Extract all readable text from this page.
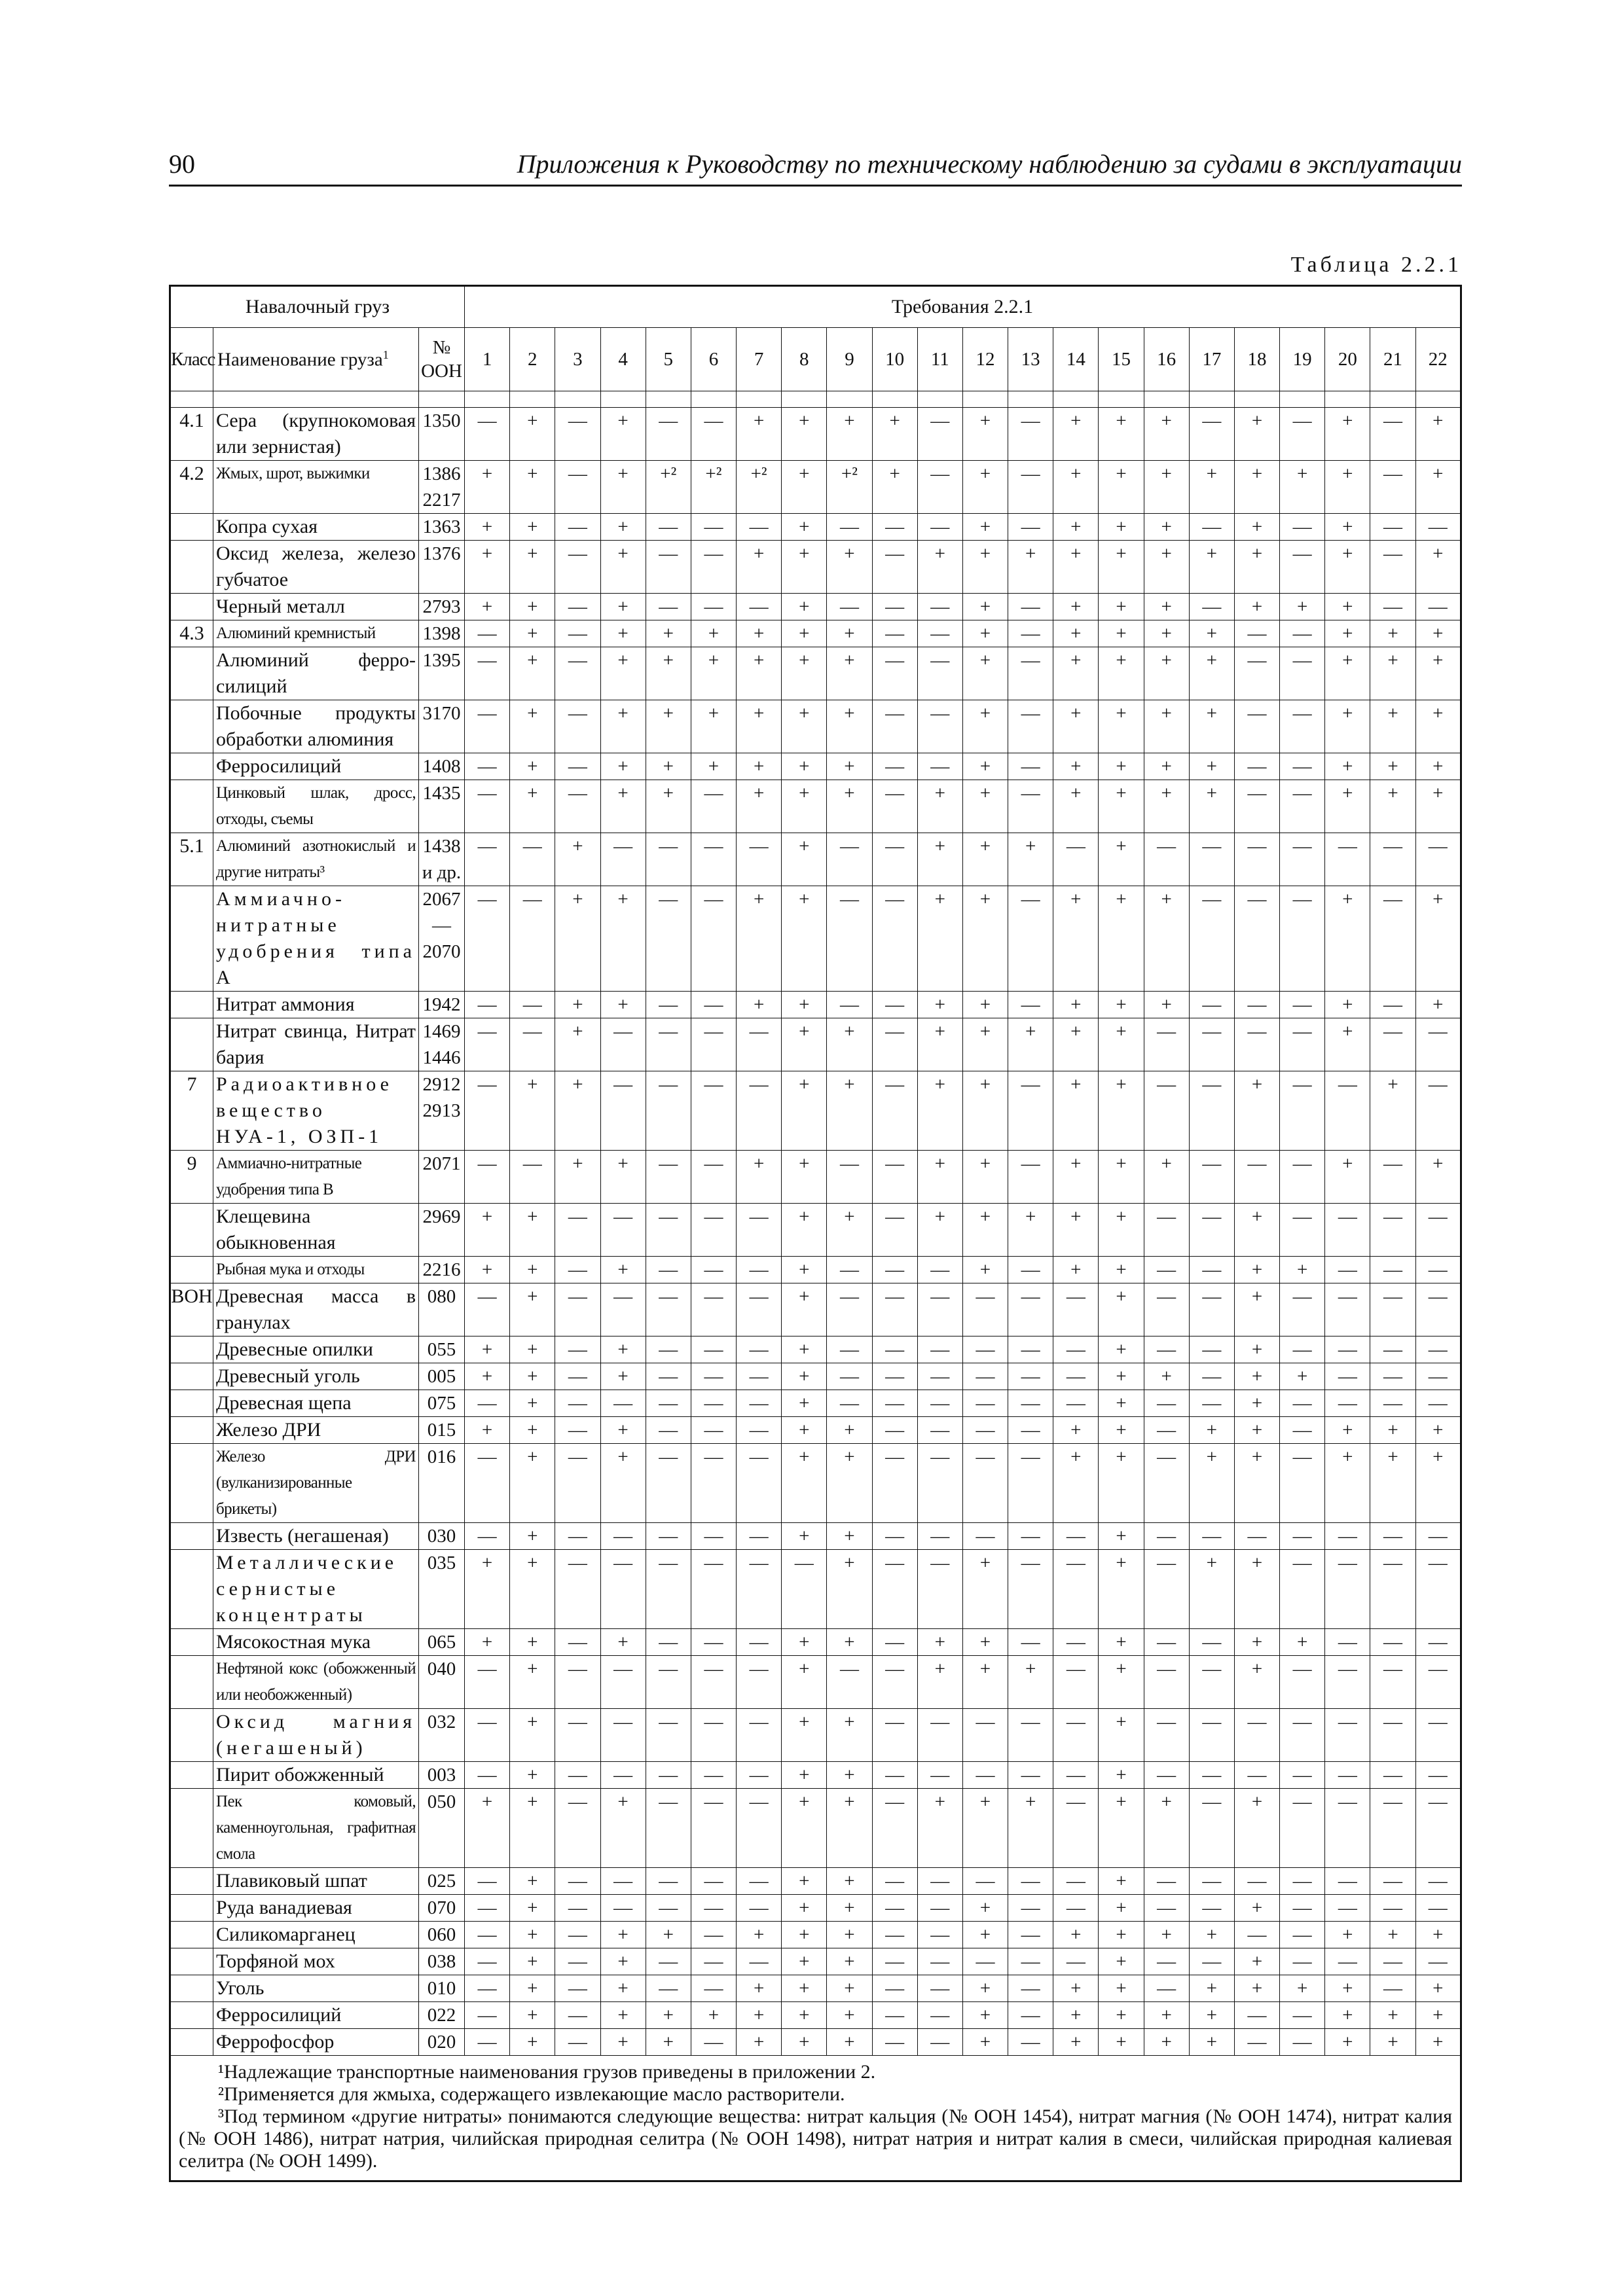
90	Приложения к Руководству по техническому наблюдению за судами в эксплуатации
Таблица 2.2.1
Навалочный груз			Требования 2.2.1																					
Класс	Наименование груза$^1$	№ ООН	1	2	3	4	5	6	7	8	9	10	11	12	13	14	15	16	17	18	19	20	21	22

4.1	Сера (крупнокомовая или зернистая)	1350	—	+	—	+	—	—	+	+	+	+	—	+	—	+	+	+	—	+	—	+	—	+
4.2	Жмых, шрот, выжимки	1386 2217	+	+	—	+	+²	+²	+²	+	+²	+	—	+	—	+	+	+	+	+	+	+	—	+
	Копра сухая	1363	+	+	—	+	—	—	—	+	—	—	—	+	—	+	+	+	—	+	—	+	—	—
	Оксид железа, железо губчатое	1376	+	+	—	+	—	—	+	+	+	—	+	+	+	+	+	+	+	+	—	+	—	+
	Черный металл	2793	+	+	—	+	—	—	—	+	—	—	—	+	—	+	+	+	—	+	+	+	—	—
4.3	Алюминий кремнистый	1398	—	+	—	+	+	+	+	+	+	—	—	+	—	+	+	+	+	—	—	+	+	+
	Алюминий ферро-силиций	1395	—	+	—	+	+	+	+	+	+	—	—	+	—	+	+	+	+	—	—	+	+	+
	Побочные продукты обработки алюминия	3170	—	+	—	+	+	+	+	+	+	—	—	+	—	+	+	+	+	—	—	+	+	+
	Ферросилиций	1408	—	+	—	+	+	+	+	+	+	—	—	+	—	+	+	+	+	—	—	+	+	+
	Цинковый шлак, дросс, отходы, съемы	1435	—	+	—	+	+	—	+	+	+	—	+	+	—	+	+	+	+	—	—	+	+	+
5.1	Алюминий азотнокислый и другие нитраты³	1438 и др.	—	—	+	—	—	—	—	+	—	—	+	+	+	—	+	—	—	—	—	—	—	—
	Аммиачно-нитратные удобрения типа А	2067 — 2070	—	—	+	+	—	—	+	+	—	—	+	+	—	+	+	+	—	—	—	+	—	+
	Нитрат аммония	1942	—	—	+	+	—	—	+	+	—	—	+	+	—	+	+	+	—	—	—	+	—	+
	Нитрат свинца, Нитрат бария	1469 1446	—	—	+	—	—	—	—	+	+	—	+	+	+	+	+	—	—	—	—	+	—	—
7	Радиоактивное вещество НУА-1, ОЗП-1	2912 2913	—	+	+	—	—	—	—	+	+	—	+	+	—	+	+	—	—	+	—	—	+	—
9	Аммиачно-нитратные удобрения типа В	2071	—	—	+	+	—	—	+	+	—	—	+	+	—	+	+	+	—	—	—	+	—	+
	Клещевина обыкновенная	2969	+	+	—	—	—	—	—	+	+	—	+	+	+	+	+	—	—	+	—	—	—	—
	Рыбная мука и отходы	2216	+	+	—	+	—	—	—	+	—	—	—	+	—	+	+	—	—	+	+	—	—	—
ВОН	Древесная масса в гранулах	080	—	+	—	—	—	—	—	+	—	—	—	—	—	—	+	—	—	+	—	—	—	—
	Древесные опилки	055	+	+	—	+	—	—	—	+	—	—	—	—	—	—	+	—	—	+	—	—	—	—
	Древесный уголь	005	+	+	—	+	—	—	—	+	—	—	—	—	—	—	+	+	—	+	+	—	—	—
	Древесная щепа	075	—	+	—	—	—	—	—	+	—	—	—	—	—	—	+	—	—	+	—	—	—	—
	Железо ДРИ	015	+	+	—	+	—	—	—	+	+	—	—	—	—	+	+	—	+	+	—	+	+	+
	Железо ДРИ (вулканизированные брикеты)	016	—	+	—	+	—	—	—	+	+	—	—	—	—	+	+	—	+	+	—	+	+	+
	Известь (негашеная)	030	—	+	—	—	—	—	—	+	+	—	—	—	—	—	+	—	—	—	—	—	—	—
	Металлические сернистые концентраты	035	+	+	—	—	—	—	—	—	+	—	—	+	—	—	+	—	+	+	—	—	—	—
	Мясокостная мука	065	+	+	—	+	—	—	—	+	+	—	+	+	—	—	+	—	—	+	+	—	—	—
	Нефтяной кокс (обожженный или необожженный)	040	—	+	—	—	—	—	—	+	—	—	+	+	+	—	+	—	—	+	—	—	—	—
	Оксид магния (негашеный)	032	—	+	—	—	—	—	—	+	+	—	—	—	—	—	+	—	—	—	—	—	—	—
	Пирит обожженный	003	—	+	—	—	—	—	—	+	+	—	—	—	—	—	+	—	—	—	—	—	—	—
	Пек комовый, каменноугольная, графитная смола	050	+	+	—	+	—	—	—	+	+	—	+	+	+	—	+	+	—	+	—	—	—	—
	Плавиковый шпат	025	—	+	—	—	—	—	—	+	+	—	—	—	—	—	+	—	—	—	—	—	—	—
	Руда ванадиевая	070	—	+	—	—	—	—	—	+	+	—	—	+	—	—	+	—	—	+	—	—	—	—
	Силикомарганец	060	—	+	—	+	+	—	+	+	+	—	—	+	—	+	+	+	+	—	—	+	+	+
	Торфяной мох	038	—	+	—	+	—	—	—	+	+	—	—	—	—	—	+	—	—	+	—	—	—	—
	Уголь	010	—	+	—	+	—	—	+	+	+	—	—	+	—	+	+	—	+	+	+	+	—	+
	Ферросилиций	022	—	+	—	+	+	+	+	+	+	—	—	+	—	+	+	+	+	—	—	+	+	+
	Феррофосфор	020	—	+	—	+	+	—	+	+	+	—	—	+	—	+	+	+	+	—	—	+	+	+

¹Надлежащие транспортные наименования грузов приведены в приложении 2.
²Применяется для жмыха, содержащего извлекающие масло растворители.
³Под термином «другие нитраты» понимаются следующие вещества: нитрат кальция (№ ООН 1454), нитрат магния (№ ООН 1474), нитрат калия (№ ООН 1486), нитрат натрия, чилийская природная селитра (№ ООН 1498), нитрат натрия и нитрат калия в смеси, чилийская природная калиевая селитра (№ ООН 1499).																								
